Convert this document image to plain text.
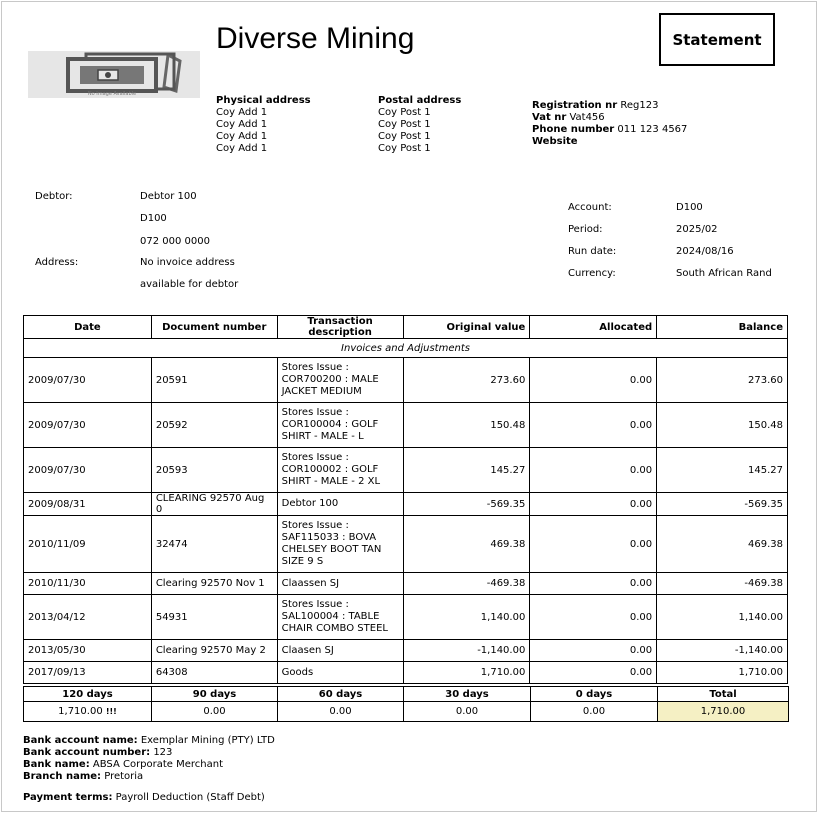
No Image Available
Diverse Mining	Statement
Physical address
Coy Add 1
Coy Add 1
Coy Add 1
Coy Add 1
Postal address
Coy Post 1
Coy Post 1
Coy Post 1
Coy Post 1
Registration nr Reg123
Vat nr Vat456
Phone number 011 123 4567
Website
Debtor:	Debtor 100
D100
072 000 0000
Address:	No invoice address
available for debtor
Account:	D100
Period:	2025/02
Run date:	2024/08/16
Currency:	South African Rand
Date	Document number	Transaction description	Original value	Allocated	Balance
Invoices and Adjustments					
2009/07/30	20591	Stores Issue :
COR700200 : MALE
JACKET MEDIUM	273.60	0.00	273.60
2009/07/30	20592	Stores Issue :
COR100004 : GOLF
SHIRT - MALE - L	150.48	0.00	150.48
2009/07/30	20593	Stores Issue :
COR100002 : GOLF
SHIRT - MALE - 2 XL	145.27	0.00	145.27
2009/08/31	CLEARING 92570 Aug 0	Debtor 100	-569.35	0.00	-569.35
2010/11/09	32474	Stores Issue :
SAF115033 : BOVA
CHELSEY BOOT TAN
SIZE 9 S	469.38	0.00	469.38
2010/11/30	Clearing 92570 Nov 1	Claassen SJ	-469.38	0.00	-469.38
2013/04/12	54931	Stores Issue :
SAL100004 : TABLE
CHAIR COMBO STEEL	1,140.00	0.00	1,140.00
2013/05/30	Clearing 92570 May 2	Claasen SJ	-1,140.00	0.00	-1,140.00
2017/09/13	64308	Goods	1,710.00	0.00	1,710.00
120 days	90 days	60 days	30 days	0 days	Total
1,710.00 !!!	0.00	0.00	0.00	0.00	1,710.00
Bank account name: Exemplar Mining (PTY) LTD
Bank account number: 123
Bank name: ABSA Corporate Merchant
Branch name: Pretoria
Payment terms: Payroll Deduction (Staff Debt)
